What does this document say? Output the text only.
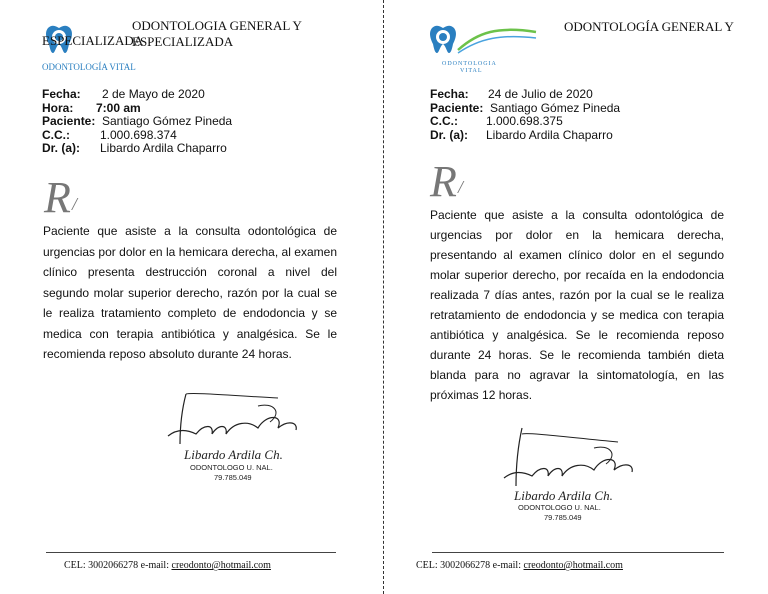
ODONTOLOGIA GENERAL Y ESPECIALIZADA
ESPECIALIZADA
ODONTOLOGÍA VITAL
Fecha:	2 de Mayo de 2020
Hora:	7:00 am
Paciente: Santiago Gómez Pineda
C.C.:	1.000.698.374
Dr. (a):	Libardo Ardila Chaparro
R /
Paciente que asiste a la consulta odontológica de urgencias por dolor en la hemicara derecha, al examen clínico presenta destrucción coronal a nivel del segundo molar superior derecho, razón por la cual se le realiza tratamiento completo de endodoncia y se medica con terapia antibiótica y analgésica. Se le recomienda reposo absoluto durante 24 horas.
Libardo Ardila Ch.
ODONTOLOGO U. NAL.
79.785.049
CEL: 3002066278 e-mail: creodonto@hotmail.com
ODONTOLOGÍA GENERAL Y
ODONTOLOGIA
VITAL
Fecha:	24 de Julio de 2020
Paciente: Santiago Gómez Pineda
C.C.:	1.000.698.375
Dr. (a):	Libardo Ardila Chaparro
R /
Paciente que asiste a la consulta odontológica de urgencias por dolor en la hemicara derecha, presentando al examen clínico dolor en el segundo molar superior derecho, por recaída en la endodoncia realizada 7 días antes, razón por la cual se le realiza retratamiento de endodoncia y se medica con terapia antibiótica y analgésica. Se le recomienda reposo durante 24 horas. Se le recomienda también dieta blanda para no agravar la sintomatología, en las próximas 12 horas.
Libardo Ardila Ch.
ODONTOLOGO U. NAL.
79.785.049
CEL: 3002066278 e-mail: creodonto@hotmail.com
